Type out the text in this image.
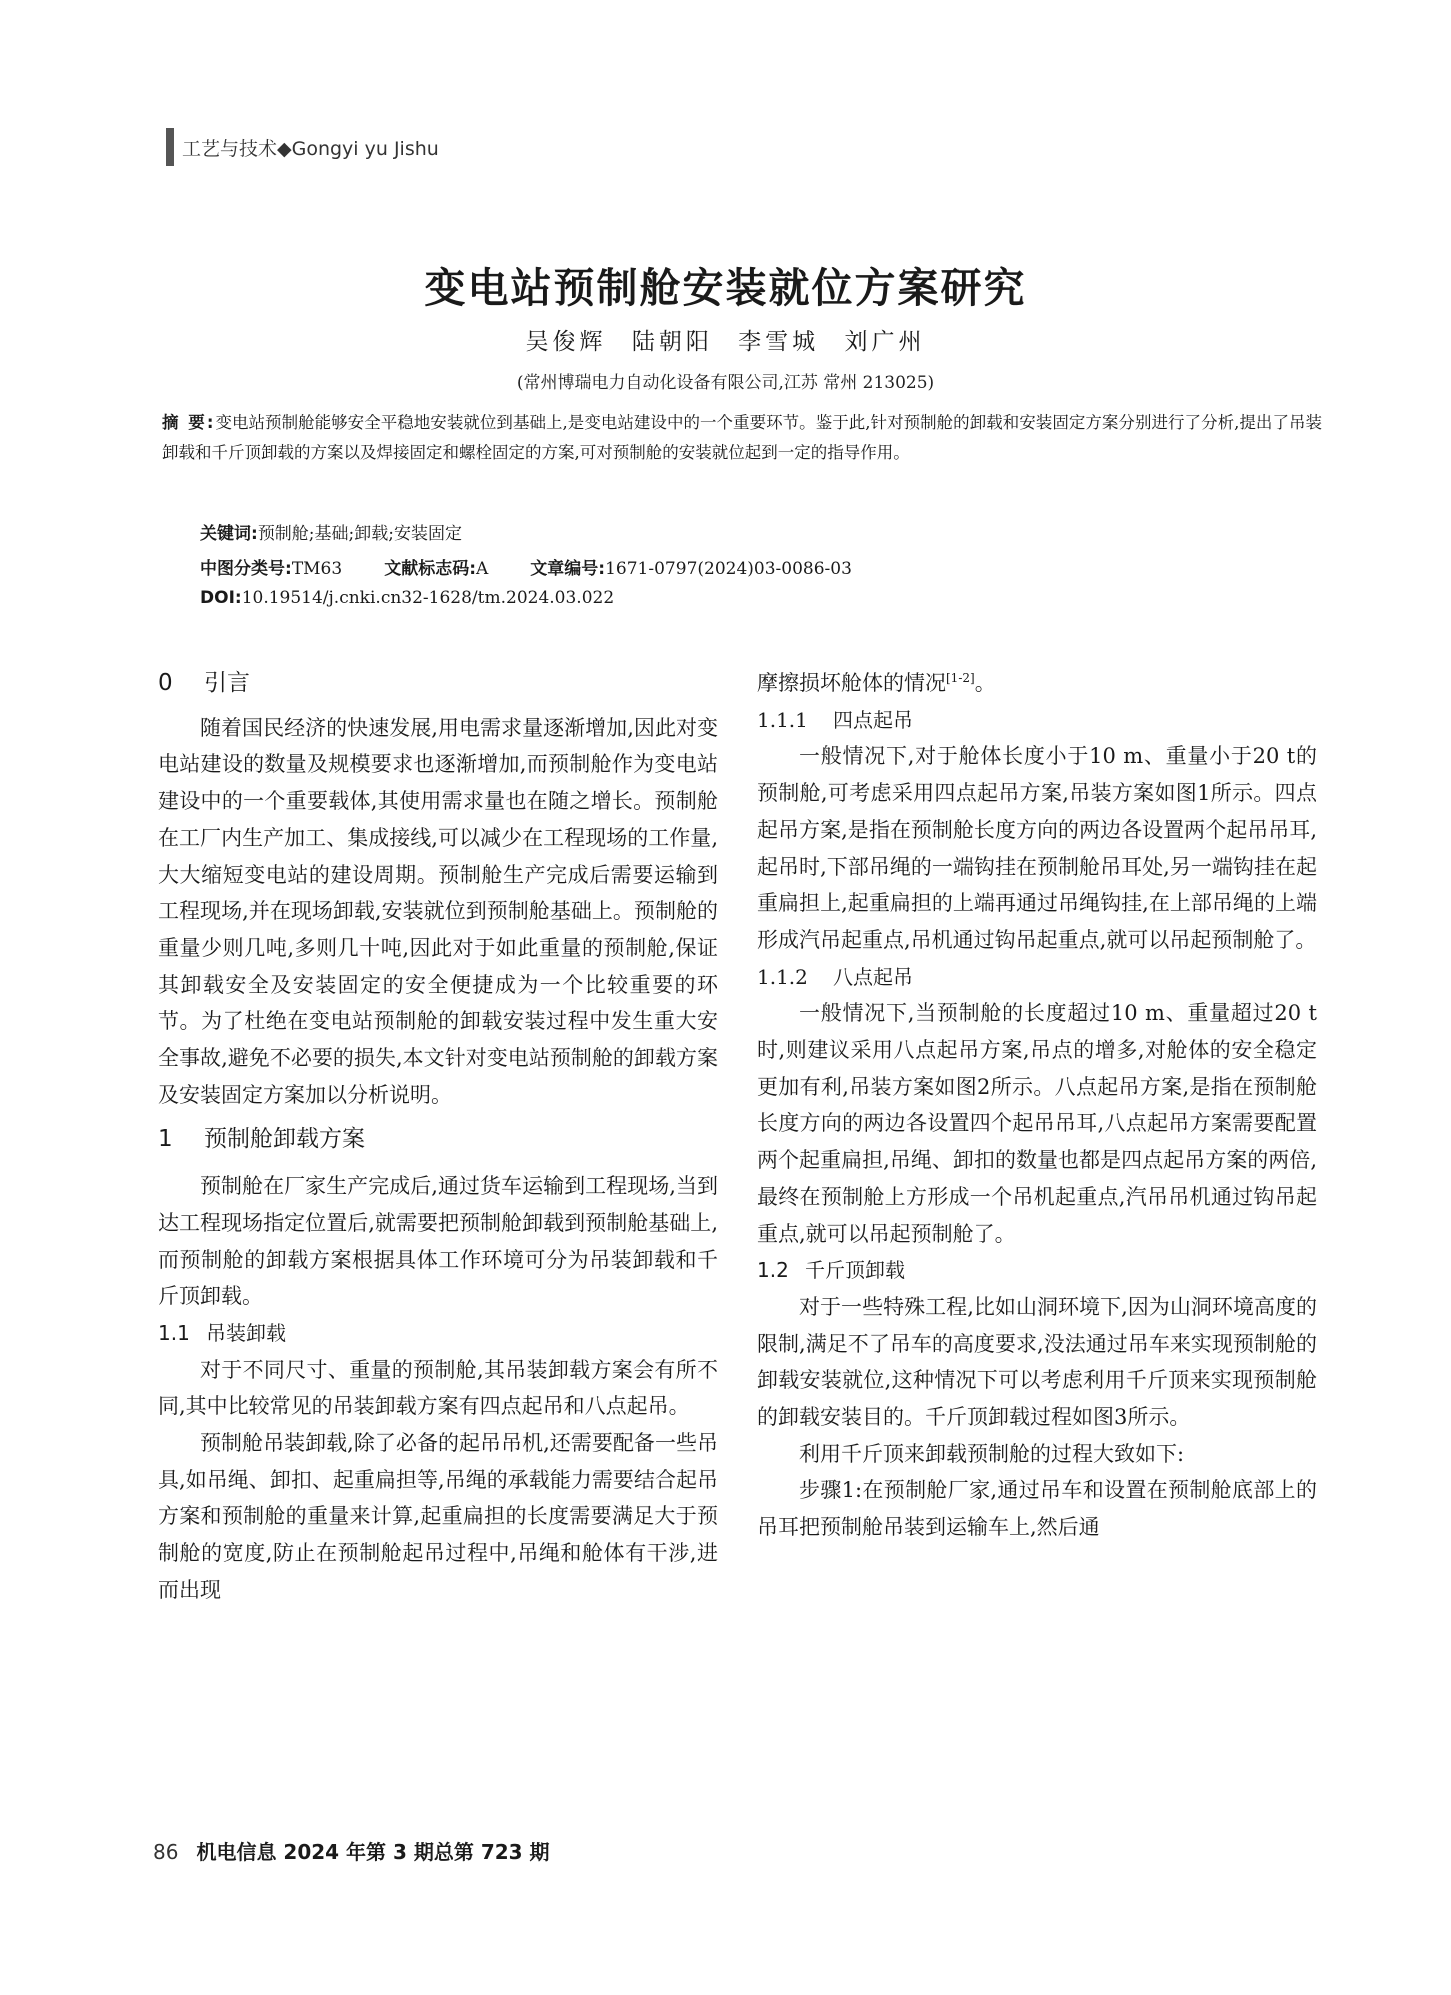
工艺与技术◆Gongyi yu Jishu
变电站预制舱安装就位方案研究
吴俊辉 陆朝阳 李雪城 刘广州
(常州博瑞电力自动化设备有限公司,江苏 常州 213025)
摘 要:变电站预制舱能够安全平稳地安装就位到基础上,是变电站建设中的一个重要环节。鉴于此,针对预制舱的卸载和安装固定方案分别进行了分析,提出了吊装卸载和千斤顶卸载的方案以及焊接固定和螺栓固定的方案,可对预制舱的安装就位起到一定的指导作用。
关键词:预制舱;基础;卸载;安装固定
中图分类号:TM63 文献标志码:A 文章编号:1671-0797(2024)03-0086-03
DOI:10.19514/j.cnki.cn32-1628/tm.2024.03.022
0 引言

随着国民经济的快速发展,用电需求量逐渐增加,因此对变电站建设的数量及规模要求也逐渐增加,而预制舱作为变电站建设中的一个重要载体,其使用需求量也在随之增长。预制舱在工厂内生产加工、集成接线,可以减少在工程现场的工作量,大大缩短变电站的建设周期。预制舱生产完成后需要运输到工程现场,并在现场卸载,安装就位到预制舱基础上。预制舱的重量少则几吨,多则几十吨,因此对于如此重量的预制舱,保证其卸载安全及安装固定的安全便捷成为一个比较重要的环节。为了杜绝在变电站预制舱的卸载安装过程中发生重大安全事故,避免不必要的损失,本文针对变电站预制舱的卸载方案及安装固定方案加以分析说明。

1 预制舱卸载方案

预制舱在厂家生产完成后,通过货车运输到工程现场,当到达工程现场指定位置后,就需要把预制舱卸载到预制舱基础上,而预制舱的卸载方案根据具体工作环境可分为吊装卸载和千斤顶卸载。

1.1 吊装卸载

对于不同尺寸、重量的预制舱,其吊装卸载方案会有所不同,其中比较常见的吊装卸载方案有四点起吊和八点起吊。

预制舱吊装卸载,除了必备的起吊吊机,还需要配备一些吊具,如吊绳、卸扣、起重扁担等,吊绳的承载能力需要结合起吊方案和预制舱的重量来计算,起重扁担的长度需要满足大于预制舱的宽度,防止在预制舱起吊过程中,吊绳和舱体有干涉,进而出现

摩擦损坏舱体的情况[1-2]。

1.1.1 四点起吊

一般情况下,对于舱体长度小于10 m、重量小于20 t的预制舱,可考虑采用四点起吊方案,吊装方案如图1所示。四点起吊方案,是指在预制舱长度方向的两边各设置两个起吊吊耳,起吊时,下部吊绳的一端钩挂在预制舱吊耳处,另一端钩挂在起重扁担上,起重扁担的上端再通过吊绳钩挂,在上部吊绳的上端形成汽吊起重点,吊机通过钩吊起重点,就可以吊起预制舱了。

1.1.2 八点起吊

一般情况下,当预制舱的长度超过10 m、重量超过20 t时,则建议采用八点起吊方案,吊点的增多,对舱体的安全稳定更加有利,吊装方案如图2所示。八点起吊方案,是指在预制舱长度方向的两边各设置四个起吊吊耳,八点起吊方案需要配置两个起重扁担,吊绳、卸扣的数量也都是四点起吊方案的两倍,最终在预制舱上方形成一个吊机起重点,汽吊吊机通过钩吊起重点,就可以吊起预制舱了。

1.2 千斤顶卸载

对于一些特殊工程,比如山洞环境下,因为山洞环境高度的限制,满足不了吊车的高度要求,没法通过吊车来实现预制舱的卸载安装就位,这种情况下可以考虑利用千斤顶来实现预制舱的卸载安装目的。千斤顶卸载过程如图3所示。

利用千斤顶来卸载预制舱的过程大致如下:

步骤1:在预制舱厂家,通过吊车和设置在预制舱底部上的吊耳把预制舱吊装到运输车上,然后通

86 机电信息 2024 年第 3 期总第 723 期
